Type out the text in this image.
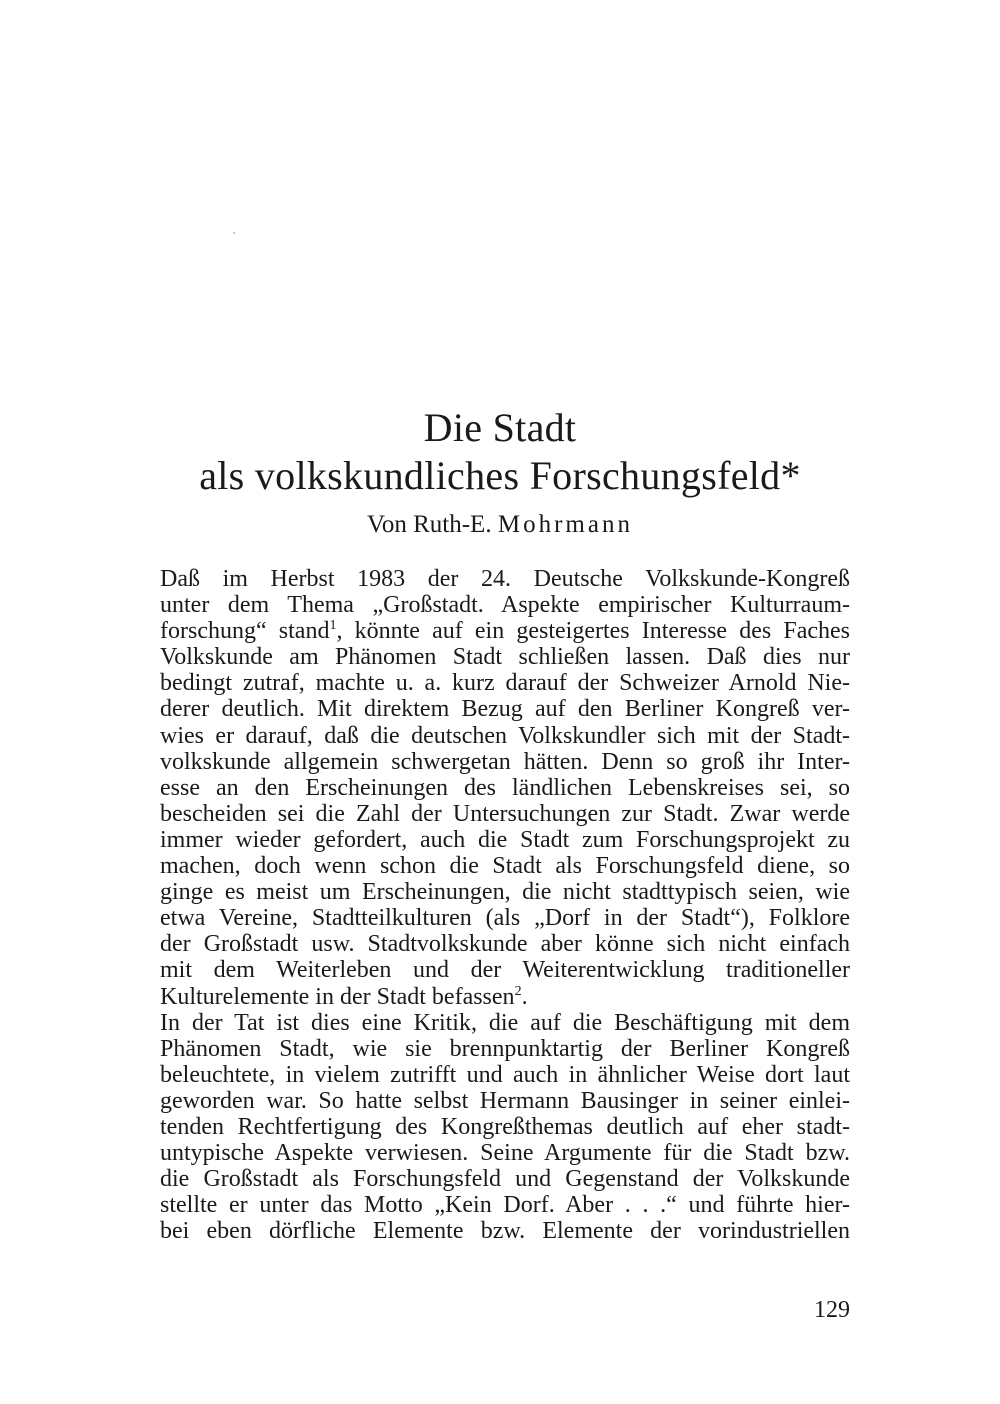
Die Stadt
als volkskundliches Forschungsfeld*
Von Ruth-E. Mohrmann
Daß im Herbst 1983 der 24. Deutsche Volkskunde-Kongreß
unter dem Thema „Großstadt. Aspekte empirischer Kulturraum-
forschung“ stand$^1$, könnte auf ein gesteigertes Interesse des Faches
Volkskunde am Phänomen Stadt schließen lassen. Daß dies nur
bedingt zutraf, machte u. a. kurz darauf der Schweizer Arnold Nie-
derer deutlich. Mit direktem Bezug auf den Berliner Kongreß ver-
wies er darauf, daß die deutschen Volkskundler sich mit der Stadt-
volkskunde allgemein schwergetan hätten. Denn so groß ihr Inter-
esse an den Erscheinungen des ländlichen Lebenskreises sei, so
bescheiden sei die Zahl der Untersuchungen zur Stadt. Zwar werde
immer wieder gefordert, auch die Stadt zum Forschungsprojekt zu
machen, doch wenn schon die Stadt als Forschungsfeld diene, so
ginge es meist um Erscheinungen, die nicht stadttypisch seien, wie
etwa Vereine, Stadtteilkulturen (als „Dorf in der Stadt“), Folklore
der Großstadt usw. Stadtvolkskunde aber könne sich nicht einfach
mit dem Weiterleben und der Weiterentwicklung traditioneller
Kulturelemente in der Stadt befassen$^2$.
In der Tat ist dies eine Kritik, die auf die Beschäftigung mit dem
Phänomen Stadt, wie sie brennpunktartig der Berliner Kongreß
beleuchtete, in vielem zutrifft und auch in ähnlicher Weise dort laut
geworden war. So hatte selbst Hermann Bausinger in seiner einlei-
tenden Rechtfertigung des Kongreßthemas deutlich auf eher stadt-
untypische Aspekte verwiesen. Seine Argumente für die Stadt bzw.
die Großstadt als Forschungsfeld und Gegenstand der Volkskunde
stellte er unter das Motto „Kein Dorf. Aber . . .“ und führte hier-
bei eben dörfliche Elemente bzw. Elemente der vorindustriellen
129
